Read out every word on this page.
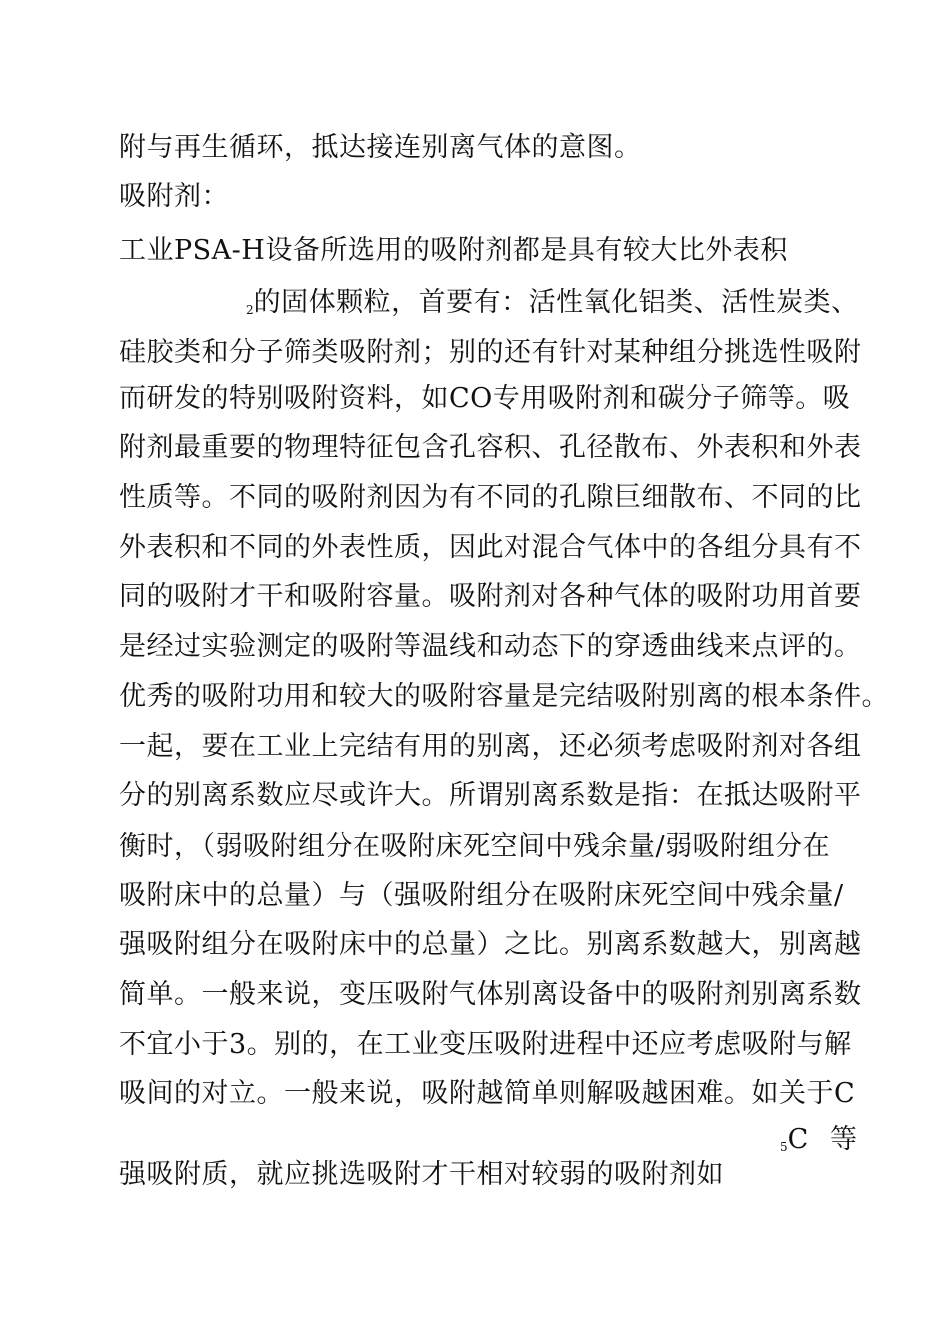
附与再生循环，抵达接连别离气体的意图。
吸附剂：
工业PSA-H设备所选用的吸附剂都是具有较大比外表积
$_2$的固体颗粒，首要有：活性氧化铝类、活性炭类、
硅胶类和分子筛类吸附剂；别的还有针对某种组分挑选性吸附
而研发的特别吸附资料，如CO专用吸附剂和碳分子筛等。吸
附剂最重要的物理特征包含孔容积、孔径散布、外表积和外表
性质等。不同的吸附剂因为有不同的孔隙巨细散布、不同的比
外表积和不同的外表性质，因此对混合气体中的各组分具有不
同的吸附才干和吸附容量。吸附剂对各种气体的吸附功用首要
是经过实验测定的吸附等温线和动态下的穿透曲线来点评的。
优秀的吸附功用和较大的吸附容量是完结吸附别离的根本条件。
一起，要在工业上完结有用的别离，还必须考虑吸附剂对各组
分的别离系数应尽或许大。所谓别离系数是指：在抵达吸附平
衡时，（弱吸附组分在吸附床死空间中残余量/弱吸附组分在
吸附床中的总量）与（强吸附组分在吸附床死空间中残余量/
强吸附组分在吸附床中的总量）之比。别离系数越大，别离越
简单。一般来说，变压吸附气体别离设备中的吸附剂别离系数
不宜小于3。别的，在工业变压吸附进程中还应考虑吸附与解
吸间的对立。一般来说，吸附越简单则解吸越困难。如关于C
$_5$C 等
强吸附质，就应挑选吸附才干相对较弱的吸附剂如
